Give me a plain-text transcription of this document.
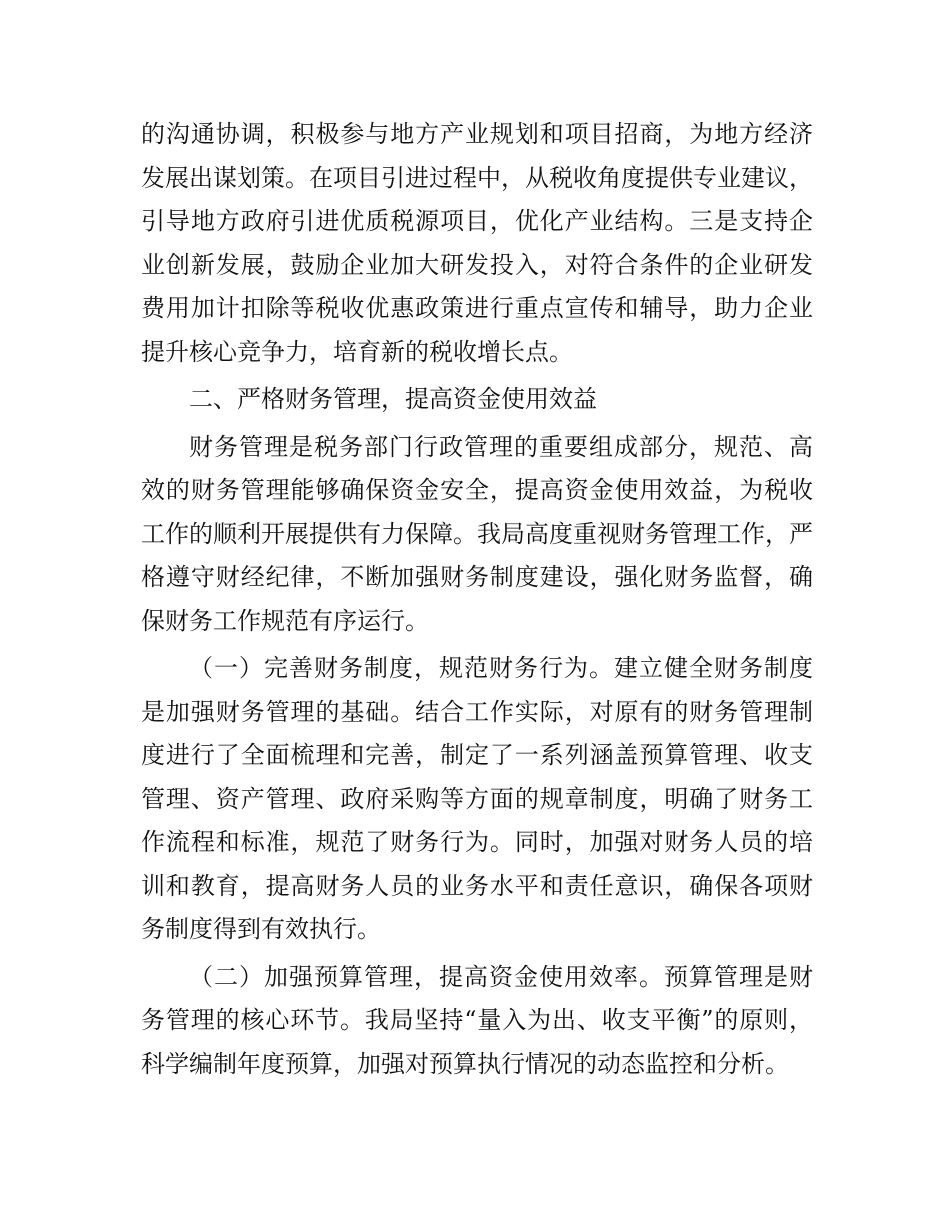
的沟通协调，积极参与地方产业规划和项目招商，为地方经济
发展出谋划策。在项目引进过程中，从税收角度提供专业建议，
引导地方政府引进优质税源项目，优化产业结构。三是支持企
业创新发展，鼓励企业加大研发投入，对符合条件的企业研发
费用加计扣除等税收优惠政策进行重点宣传和辅导，助力企业
提升核心竞争力，培育新的税收增长点。
二、严格财务管理，提高资金使用效益
财务管理是税务部门行政管理的重要组成部分，规范、高
效的财务管理能够确保资金安全，提高资金使用效益，为税收
工作的顺利开展提供有力保障。我局高度重视财务管理工作，严
格遵守财经纪律，不断加强财务制度建设，强化财务监督，确
保财务工作规范有序运行。
（一）完善财务制度，规范财务行为。建立健全财务制度
是加强财务管理的基础。结合工作实际，对原有的财务管理制
度进行了全面梳理和完善，制定了一系列涵盖预算管理、收支
管理、资产管理、政府采购等方面的规章制度，明确了财务工
作流程和标准，规范了财务行为。同时，加强对财务人员的培
训和教育，提高财务人员的业务水平和责任意识，确保各项财
务制度得到有效执行。
（二）加强预算管理，提高资金使用效率。预算管理是财
务管理的核心环节。我局坚持“量入为出、收支平衡”的原则，
科学编制年度预算，加强对预算执行情况的动态监控和分析。
